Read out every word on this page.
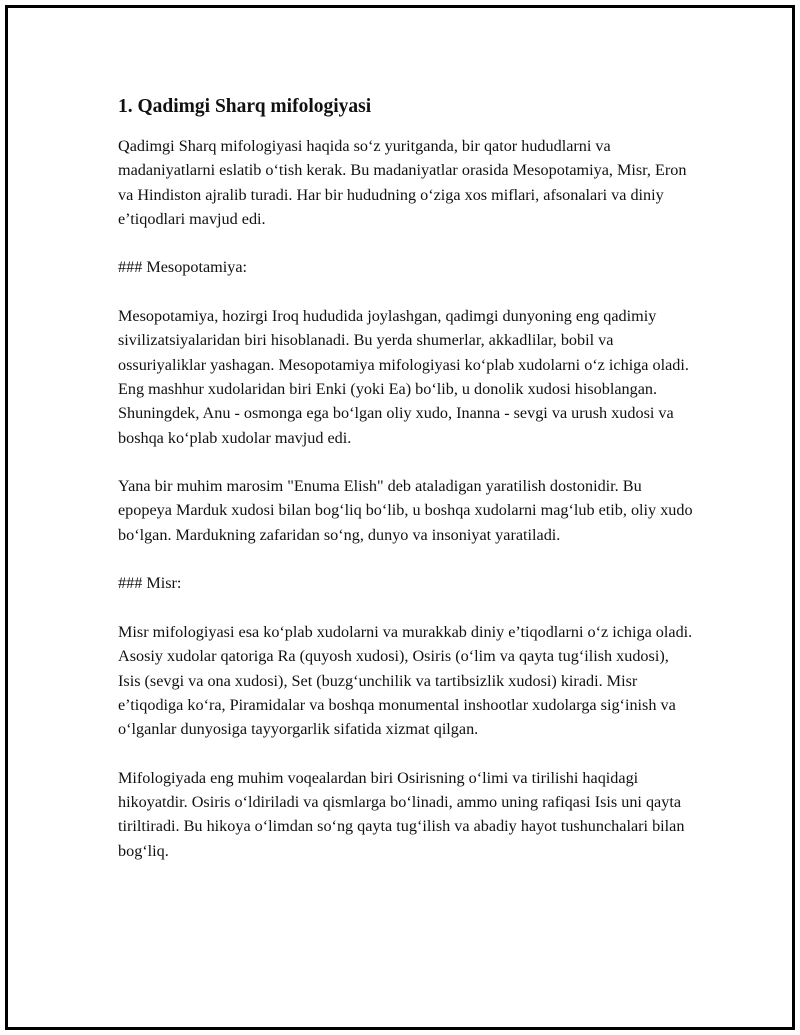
1. Qadimgi Sharq mifologiyasi

Qadimgi Sharq mifologiyasi haqida so‘z yuritganda, bir qator hududlarni va madaniyatlarni eslatib o‘tish kerak. Bu madaniyatlar orasida Mesopotamiya, Misr, Eron va Hindiston ajralib turadi. Har bir hududning o‘ziga xos miflari, afsonalari va diniy e’tiqodlari mavjud edi.

### Mesopotamiya:

Mesopotamiya, hozirgi Iroq hududida joylashgan, qadimgi dunyoning eng qadimiy sivilizatsiyalaridan biri hisoblanadi. Bu yerda shumerlar, akkadlilar, bobil va ossuriyaliklar yashagan. Mesopotamiya mifologiyasi ko‘plab xudolarni o‘z ichiga oladi. Eng mashhur xudolaridan biri Enki (yoki Ea) bo‘lib, u donolik xudosi hisoblangan. Shuningdek, Anu - osmonga ega bo‘lgan oliy xudo, Inanna - sevgi va urush xudosi va boshqa ko‘plab xudolar mavjud edi.

Yana bir muhim marosim "Enuma Elish" deb ataladigan yaratilish dostonidir. Bu epopeya Marduk xudosi bilan bog‘liq bo‘lib, u boshqa xudolarni mag‘lub etib, oliy xudo bo‘lgan. Mardukning zafaridan so‘ng, dunyo va insoniyat yaratiladi.

### Misr:

Misr mifologiyasi esa ko‘plab xudolarni va murakkab diniy e’tiqodlarni o‘z ichiga oladi. Asosiy xudolar qatoriga Ra (quyosh xudosi), Osiris (o‘lim va qayta tug‘ilish xudosi), Isis (sevgi va ona xudosi), Set (buzg‘unchilik va tartibsizlik xudosi) kiradi. Misr e’tiqodiga ko‘ra, Piramidalar va boshqa monumental inshootlar xudolarga sig‘inish va o‘lganlar dunyosiga tayyorgarlik sifatida xizmat qilgan.

Mifologiyada eng muhim voqealardan biri Osirisning o‘limi va tirilishi haqidagi hikoyatdir. Osiris o‘ldiriladi va qismlarga bo‘linadi, ammo uning rafiqasi Isis uni qayta tiriltiradi. Bu hikoya o‘limdan so‘ng qayta tug‘ilish va abadiy hayot tushunchalari bilan bog‘liq.
